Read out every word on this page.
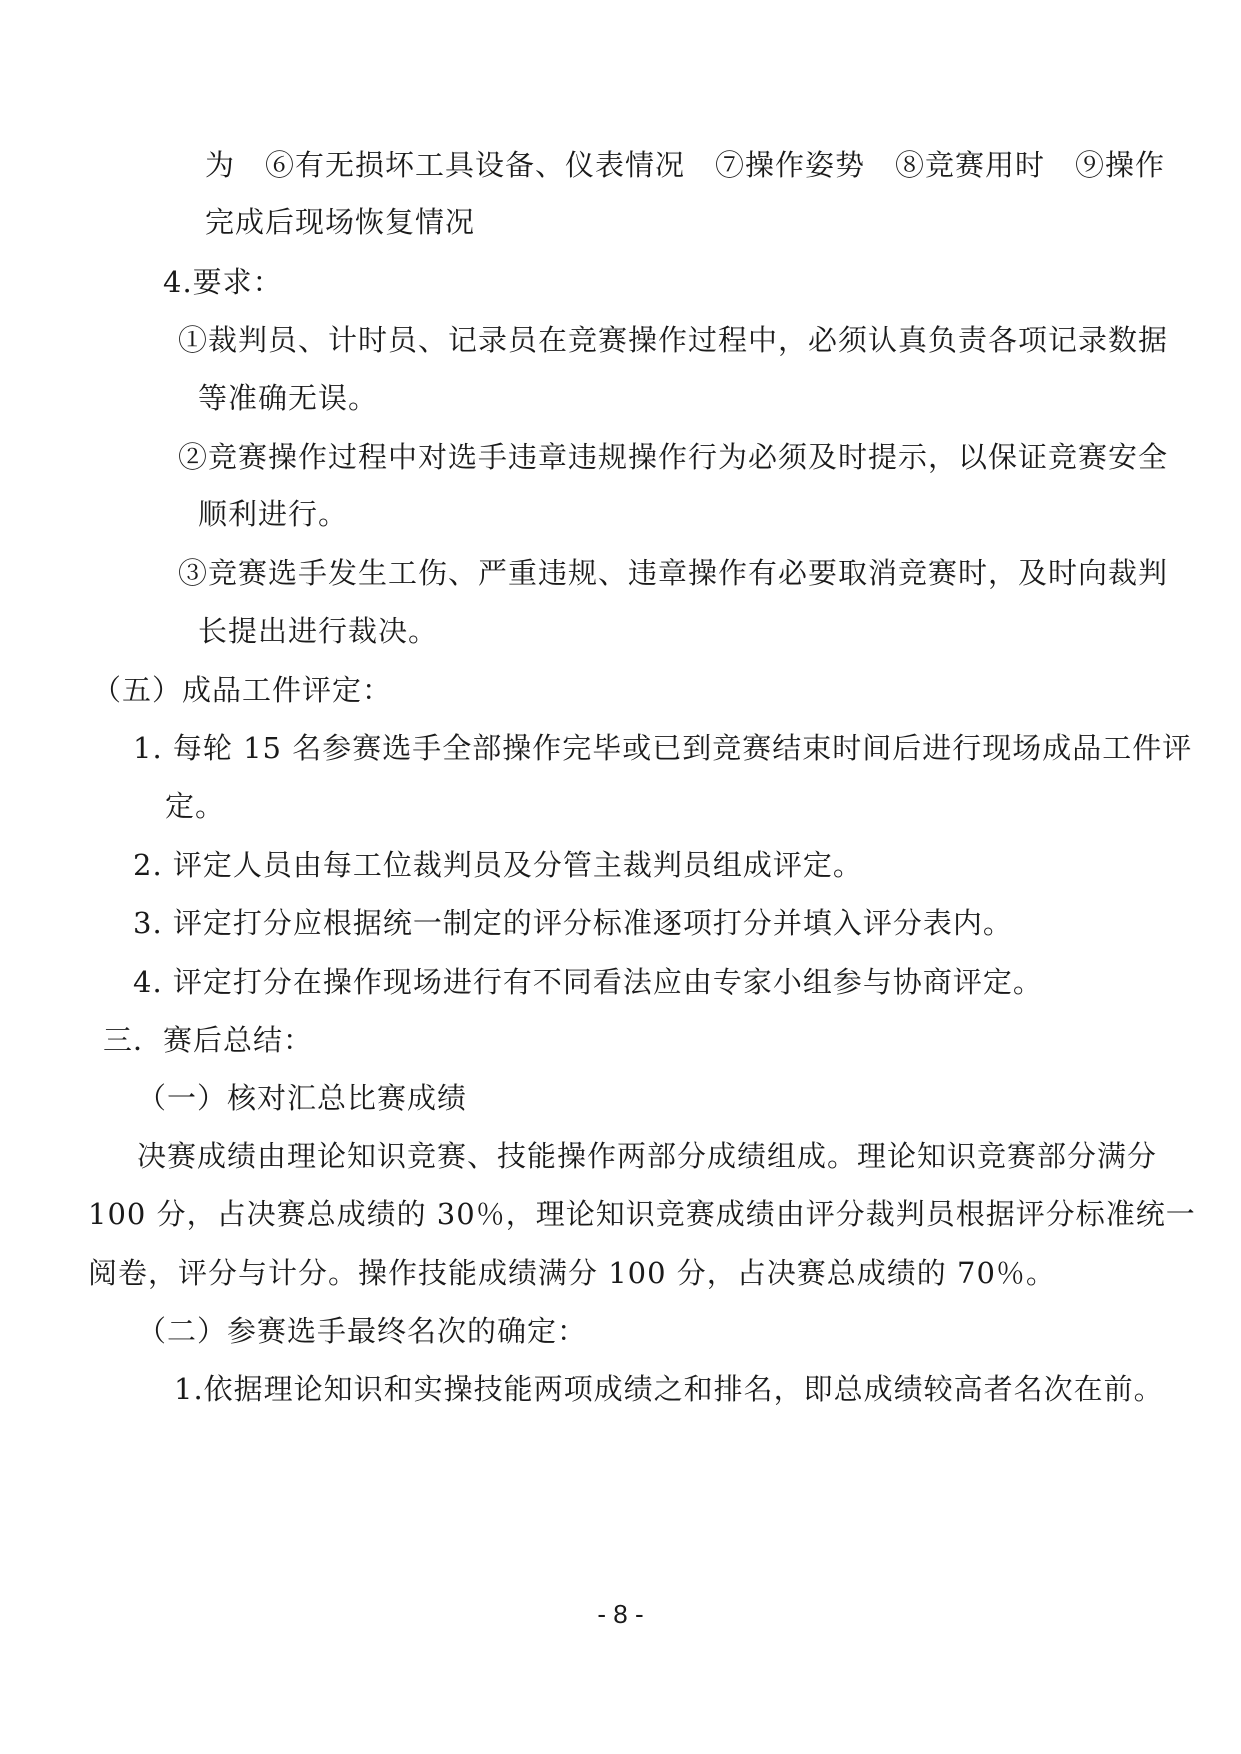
为　⑥有无损坏工具设备、仪表情况　⑦操作姿势　⑧竞赛用时　⑨操作
完成后现场恢复情况
4.要求：
①裁判员、计时员、记录员在竞赛操作过程中，必须认真负责各项记录数据
等准确无误。
②竞赛操作过程中对选手违章违规操作行为必须及时提示，以保证竞赛安全
顺利进行。
③竞赛选手发生工伤、严重违规、违章操作有必要取消竞赛时，及时向裁判
长提出进行裁决。
（五）成品工件评定：
1. 每轮 15 名参赛选手全部操作完毕或已到竞赛结束时间后进行现场成品工件评
定。
2. 评定人员由每工位裁判员及分管主裁判员组成评定。
3. 评定打分应根据统一制定的评分标准逐项打分并填入评分表内。
4. 评定打分在操作现场进行有不同看法应由专家小组参与协商评定。
三．赛后总结：
（一）核对汇总比赛成绩
决赛成绩由理论知识竞赛、技能操作两部分成绩组成。理论知识竞赛部分满分
100 分，占决赛总成绩的 30％，理论知识竞赛成绩由评分裁判员根据评分标准统一
阅卷，评分与计分。操作技能成绩满分 100 分，占决赛总成绩的 70％。
（二）参赛选手最终名次的确定：
1.依据理论知识和实操技能两项成绩之和排名，即总成绩较高者名次在前。
- 8 -
